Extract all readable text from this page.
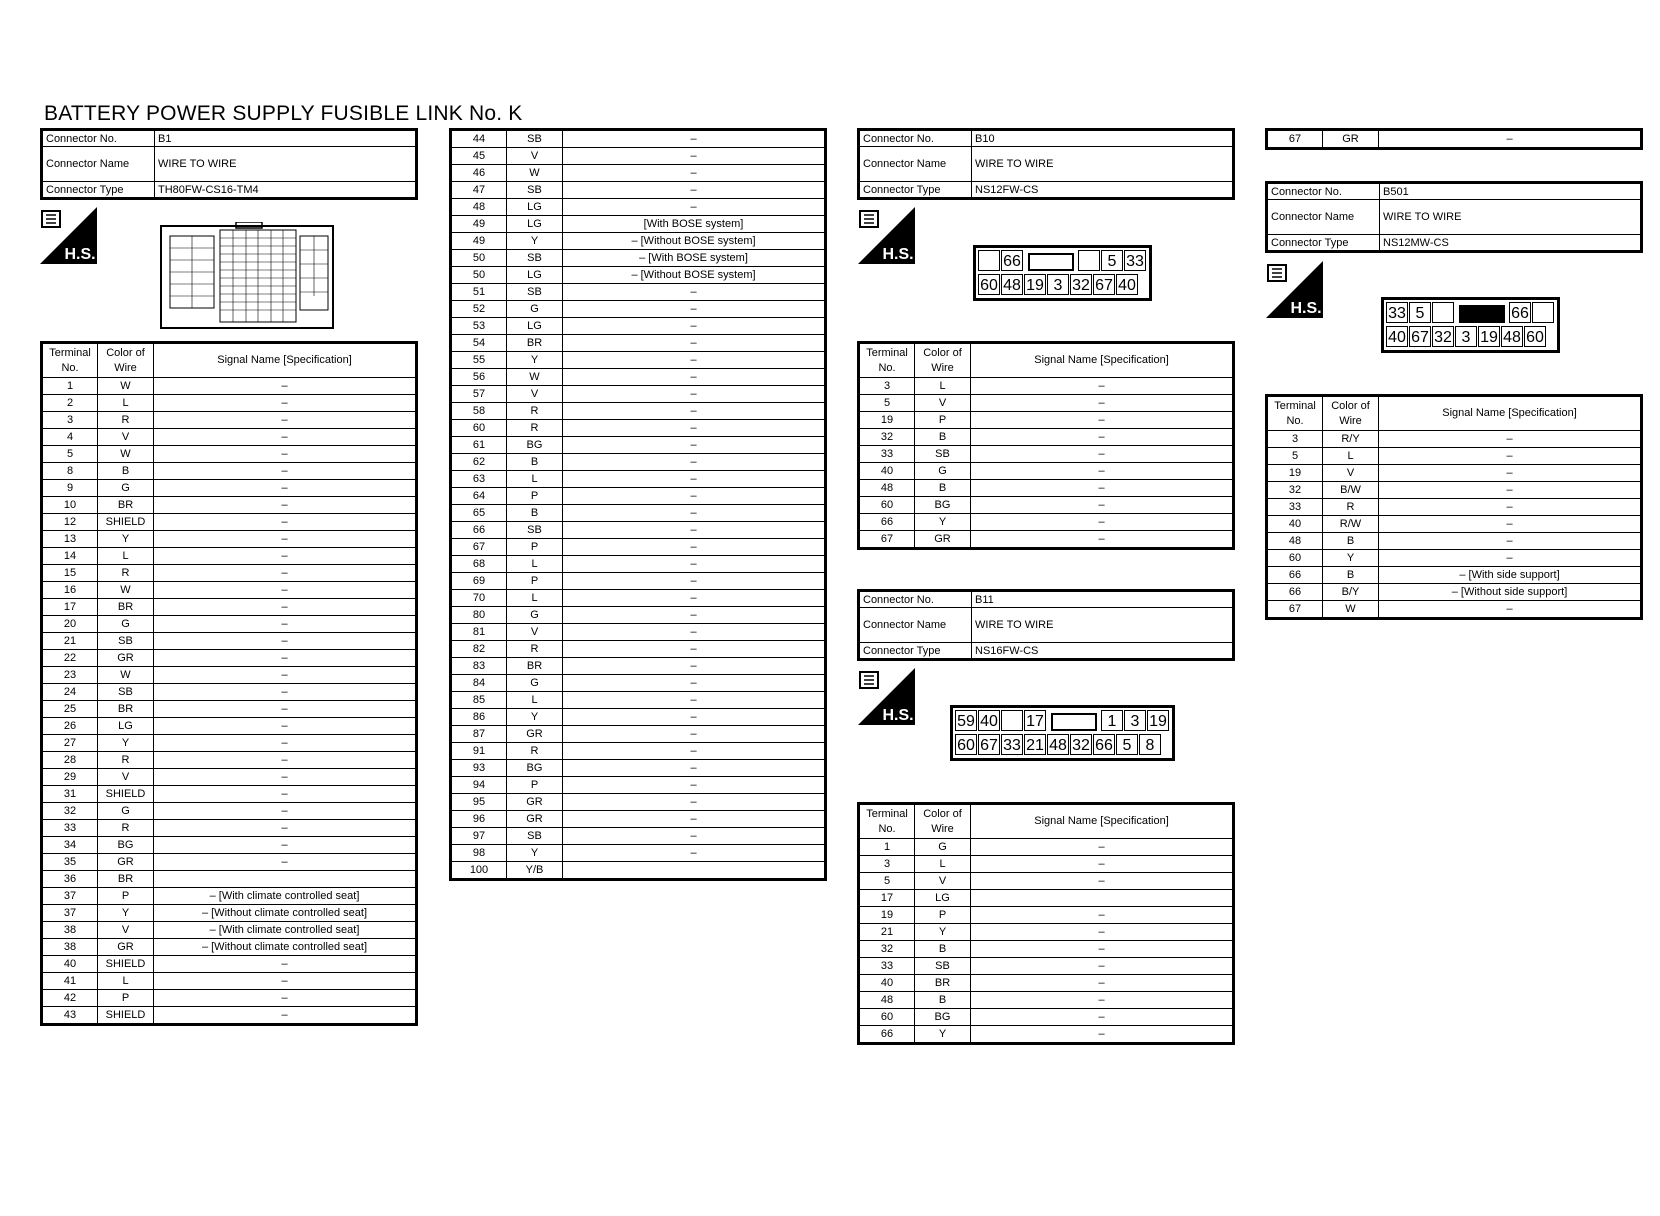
BATTERY POWER SUPPLY FUSIBLE LINK No. K
Connector No.	B1
Connector Name	WIRE TO WIRE
Connector Type	TH80FW-CS16-TM4
H.S.
Terminal No.	Color of Wire	Signal Name [Specification]
1	W	–
2	L	–
3	R	–
4	V	–
5	W	–
8	B	–
9	G	–
10	BR	–
12	SHIELD	–
13	Y	–
14	L	–
15	R	–
16	W	–
17	BR	–
20	G	–
21	SB	–
22	GR	–
23	W	–
24	SB	–
25	BR	–
26	LG	–
27	Y	–
28	R	–
29	V	–
31	SHIELD	–
32	G	–
33	R	–
34	BG	–
35	GR	–
36	BR	
37	P	– [With climate controlled seat]
37	Y	– [Without climate controlled seat]
38	V	– [With climate controlled seat]
38	GR	– [Without climate controlled seat]
40	SHIELD	–
41	L	–
42	P	–
43	SHIELD	–
44	SB	–
45	V	–
46	W	–
47	SB	–
48	LG	–
49	LG	[With BOSE system]
49	Y	– [Without BOSE system]
50	SB	– [With BOSE system]
50	LG	– [Without BOSE system]
51	SB	–
52	G	–
53	LG	–
54	BR	–
55	Y	–
56	W	–
57	V	–
58	R	–
60	R	–
61	BG	–
62	B	–
63	L	–
64	P	–
65	B	–
66	SB	–
67	P	–
68	L	–
69	P	–
70	L	–
80	G	–
81	V	–
82	R	–
83	BR	–
84	G	–
85	L	–
86	Y	–
87	GR	–
91	R	–
93	BG	–
94	P	–
95	GR	–
96	GR	–
97	SB	–
98	Y	–
100	Y/B	
Connector No.	B10
Connector Name	WIRE TO WIRE
Connector Type	NS12FW-CS
H.S.	66	5 33
60 48 19 3 32 67 40
Terminal No.	Color of Wire	Signal Name [Specification]
3	L	–
5	V	–
19	P	–
32	B	–
33	SB	–
40	G	–
48	B	–
60	BG	–
66	Y	–
67	GR	–
Connector No.	B11
Connector Name	WIRE TO WIRE
Connector Type	NS16FW-CS
H.S.	59 40 17	1 3 19
60 67 33 21 48 32 66 5 8
Terminal No.	Color of Wire	Signal Name [Specification]
1	G	–
3	L	–
5	V	–
17	LG	
19	P	–
21	Y	–
32	B	–
33	SB	–
40	BR	–
48	B	–
60	BG	–
66	Y	–
67	GR	–
Connector No.	B501
Connector Name	WIRE TO WIRE
Connector Type	NS12MW-CS
H.S.	33 5	66
40 67 32 3 19 48 60
Terminal No.	Color of Wire	Signal Name [Specification]
3	R/Y	–
5	L	–
19	V	–
32	B/W	–
33	R	–
40	R/W	–
48	B	–
60	Y	–
66	B	– [With side support]
66	B/Y	– [Without side support]
67	W	–
